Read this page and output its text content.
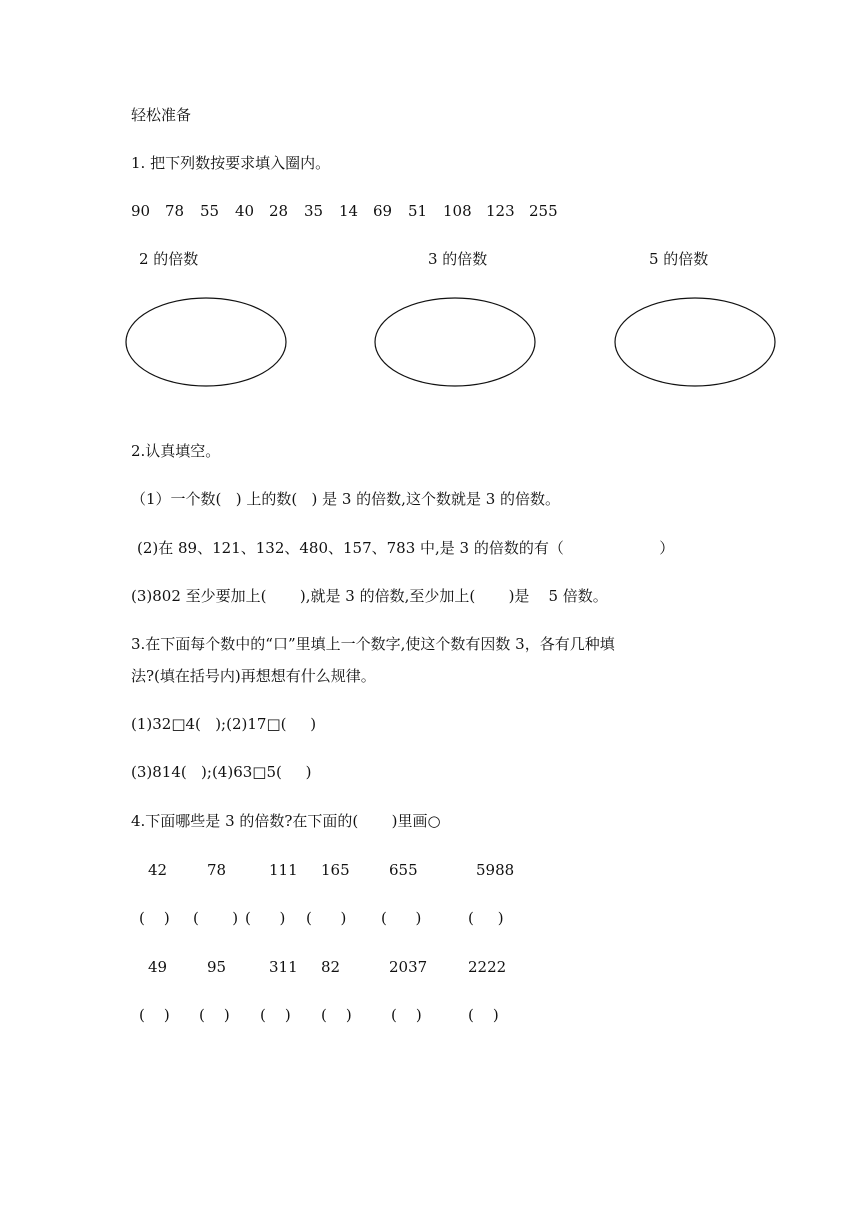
轻松准备
1. 把下列数按要求填入圈内。
90 78 55 40 28 35 14 69 51 108 123 255
2 的倍数	3 的倍数	5 的倍数
2.认真填空。
（1）一个数(   ) 上的数(   ) 是 3 的倍数,这个数就是 3 的倍数。
(2)在 89、121、132、480、157、783 中,是 3 的倍数的有（                    ）
(3)802 至少要加上(       ),就是 3 的倍数,至少加上(       )是    5 倍数。
3.在下面每个数中的“口”里填上一个数字,使这个数有因数 3，各有几种填
法?(填在括号内)再想想有什么规律。
(1)32□4(   );(2)17□(     )
(3)814(   );(4)63□5(     )
4.下面哪些是 3 的倍数?在下面的(       )里画○
42	78	111 165	655	5988
(    ) (       ) (      ) (      ) (      )	(     )
49	95	311 82	2037	2222
(    ) (    ) (    ) (    )	(    )	(    )
